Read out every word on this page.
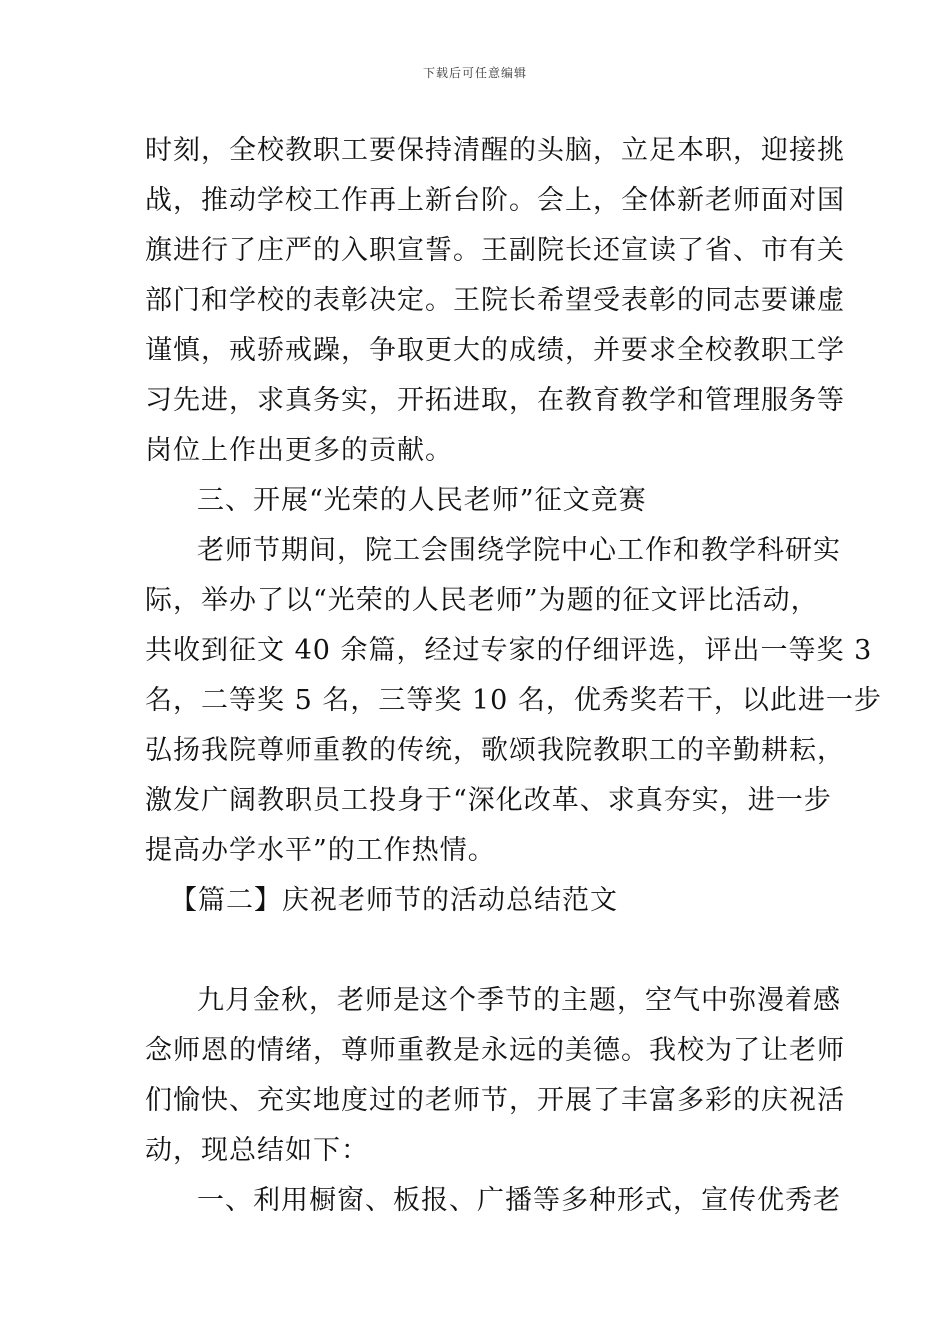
下载后可任意编辑
时刻，全校教职工要保持清醒的头脑，立足本职，迎接挑
战，推动学校工作再上新台阶。会上，全体新老师面对国
旗进行了庄严的入职宣誓。王副院长还宣读了省、市有关
部门和学校的表彰决定。王院长希望受表彰的同志要谦虚
谨慎，戒骄戒躁，争取更大的成绩，并要求全校教职工学
习先进，求真务实，开拓进取，在教育教学和管理服务等
岗位上作出更多的贡献。
三、开展“光荣的人民老师”征文竞赛
老师节期间，院工会围绕学院中心工作和教学科研实
际，举办了以“光荣的人民老师”为题的征文评比活动，
共收到征文 40 余篇，经过专家的仔细评选，评出一等奖 3
名，二等奖 5 名，三等奖 10 名，优秀奖若干，以此进一步
弘扬我院尊师重教的传统，歌颂我院教职工的辛勤耕耘，
激发广阔教职员工投身于“深化改革、求真夯实，进一步
提高办学水平”的工作热情。
【篇二】庆祝老师节的活动总结范文
九月金秋，老师是这个季节的主题，空气中弥漫着感
念师恩的情绪，尊师重教是永远的美德。我校为了让老师
们愉快、充实地度过的老师节，开展了丰富多彩的庆祝活
动，现总结如下：
一、利用橱窗、板报、广播等多种形式，宣传优秀老
